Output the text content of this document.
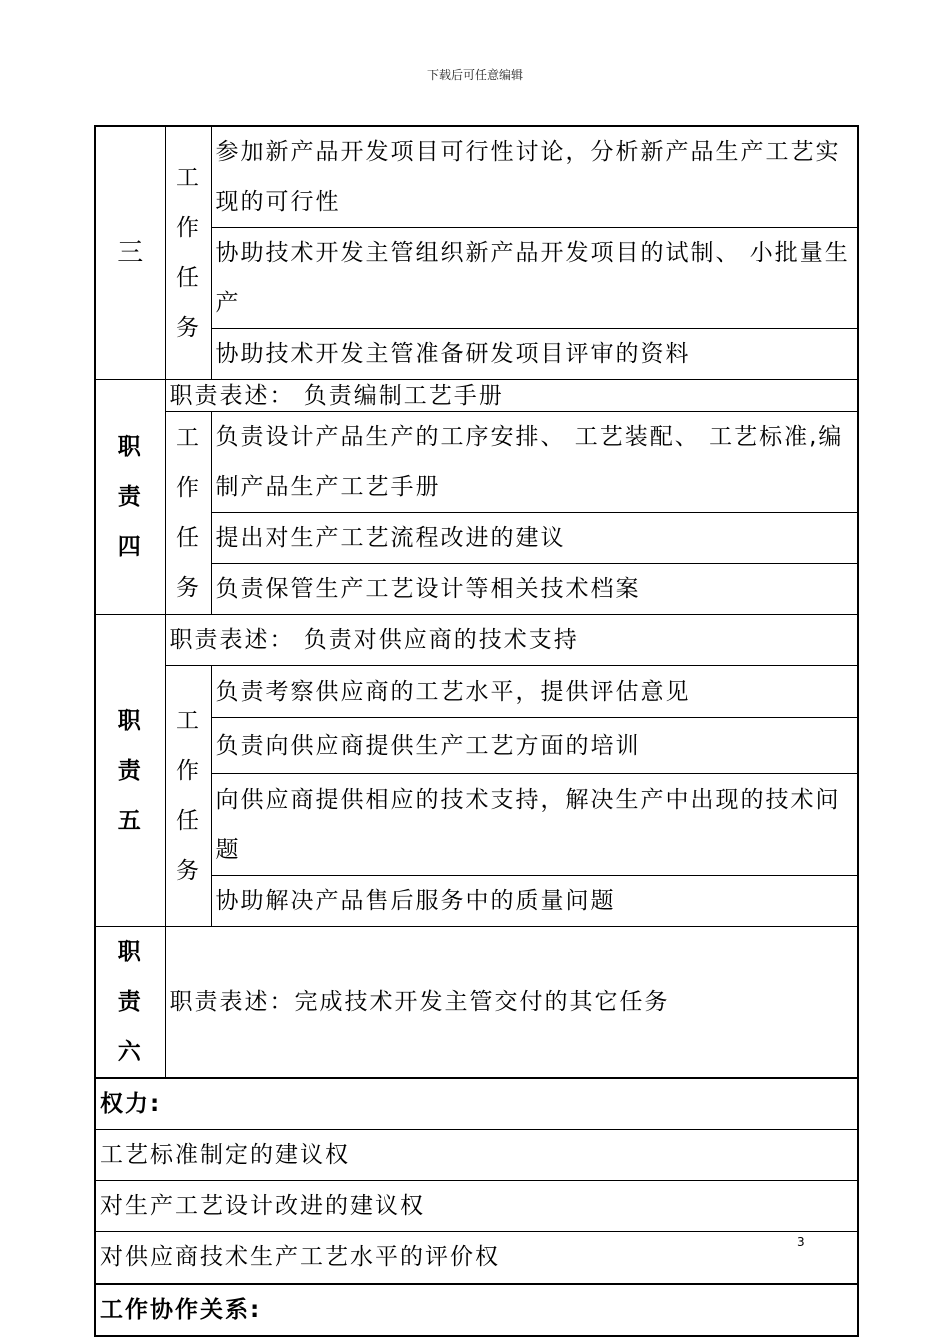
下载后可任意编辑
三	工作任务	参加新产品开发项目可行性讨论，分析新产品生产工艺实现的可行性
		协助技术开发主管组织新产品开发项目的试制、 小批量生产
		协助技术开发主管准备研发项目评审的资料
职责四	职责表述： 负责编制工艺手册	
	工作任务	负责设计产品生产的工序安排、 工艺装配、 工艺标准,编制产品生产工艺手册
		提出对生产工艺流程改进的建议
		负责保管生产工艺设计等相关技术档案
职责五	职责表述： 负责对供应商的技术支持	
	工作任务	负责考察供应商的工艺水平，提供评估意见
		负责向供应商提供生产工艺方面的培训
		向供应商提供相应的技术支持，解决生产中出现的技术问题
		协助解决产品售后服务中的质量问题
职责六	职责表述：完成技术开发主管交付的其它任务	
权力:		
工艺标准制定的建议权		
对生产工艺设计改进的建议权		
对供应商技术生产工艺水平的评价权		
工作协作关系:		
3
